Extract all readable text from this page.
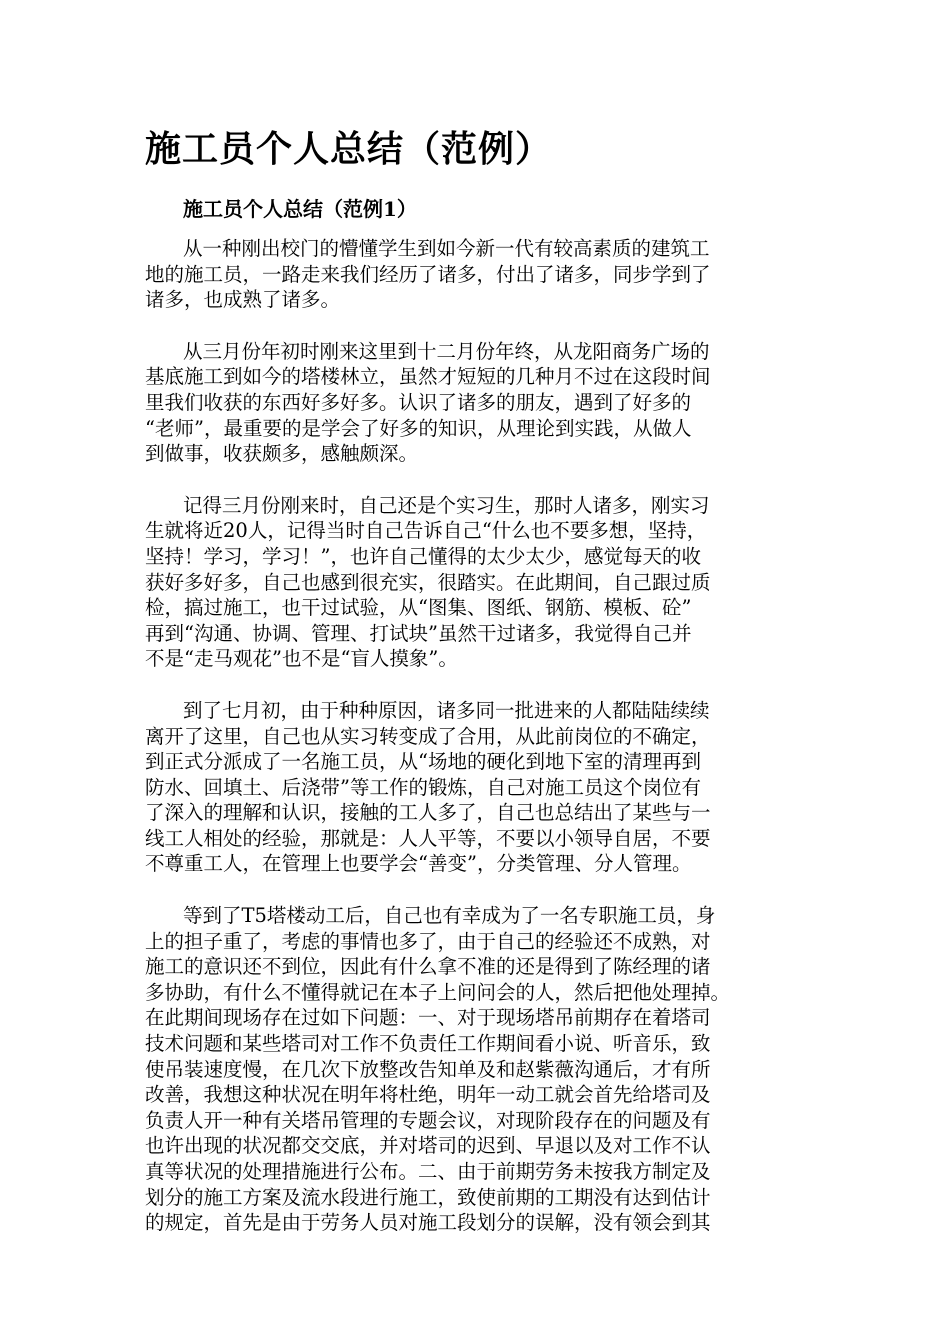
施工员个人总结（范例）
施工员个人总结（范例1）
从一种刚出校门的懵懂学生到如今新一代有较高素质的建筑工
地的施工员，一路走来我们经历了诸多，付出了诸多，同步学到了
诸多，也成熟了诸多。
从三月份年初时刚来这里到十二月份年终，从龙阳商务广场的
基底施工到如今的塔楼林立，虽然才短短的几种月不过在这段时间
里我们收获的东西好多好多。认识了诸多的朋友，遇到了好多的
“老师”，最重要的是学会了好多的知识，从理论到实践，从做人
到做事，收获颇多，感触颇深。
记得三月份刚来时，自己还是个实习生，那时人诸多，刚实习
生就将近20人，记得当时自己告诉自己“什么也不要多想，坚持，
坚持！学习，学习！”，也许自己懂得的太少太少，感觉每天的收
获好多好多，自己也感到很充实，很踏实。在此期间，自己跟过质
检，搞过施工，也干过试验，从“图集、图纸、钢筋、模板、砼”
再到“沟通、协调、管理、打试块”虽然干过诸多，我觉得自己并
不是“走马观花”也不是“盲人摸象”。
到了七月初，由于种种原因，诸多同一批进来的人都陆陆续续
离开了这里，自己也从实习转变成了合用，从此前岗位的不确定，
到正式分派成了一名施工员，从“场地的硬化到地下室的清理再到
防水、回填土、后浇带”等工作的锻炼，自己对施工员这个岗位有
了深入的理解和认识，接触的工人多了，自己也总结出了某些与一
线工人相处的经验，那就是：人人平等，不要以小领导自居，不要
不尊重工人，在管理上也要学会“善变”，分类管理、分人管理。
等到了T5塔楼动工后，自己也有幸成为了一名专职施工员，身
上的担子重了，考虑的事情也多了，由于自己的经验还不成熟，对
施工的意识还不到位，因此有什么拿不准的还是得到了陈经理的诸
多协助，有什么不懂得就记在本子上问问会的人，然后把他处理掉。
在此期间现场存在过如下问题：一、对于现场塔吊前期存在着塔司
技术问题和某些塔司对工作不负责任工作期间看小说、听音乐，致
使吊装速度慢，在几次下放整改告知单及和赵紫薇沟通后，才有所
改善，我想这种状况在明年将杜绝，明年一动工就会首先给塔司及
负责人开一种有关塔吊管理的专题会议，对现阶段存在的问题及有
也许出现的状况都交交底，并对塔司的迟到、早退以及对工作不认
真等状况的处理措施进行公布。二、由于前期劳务未按我方制定及
划分的施工方案及流水段进行施工，致使前期的工期没有达到估计
的规定，首先是由于劳务人员对施工段划分的误解，没有领会到其
